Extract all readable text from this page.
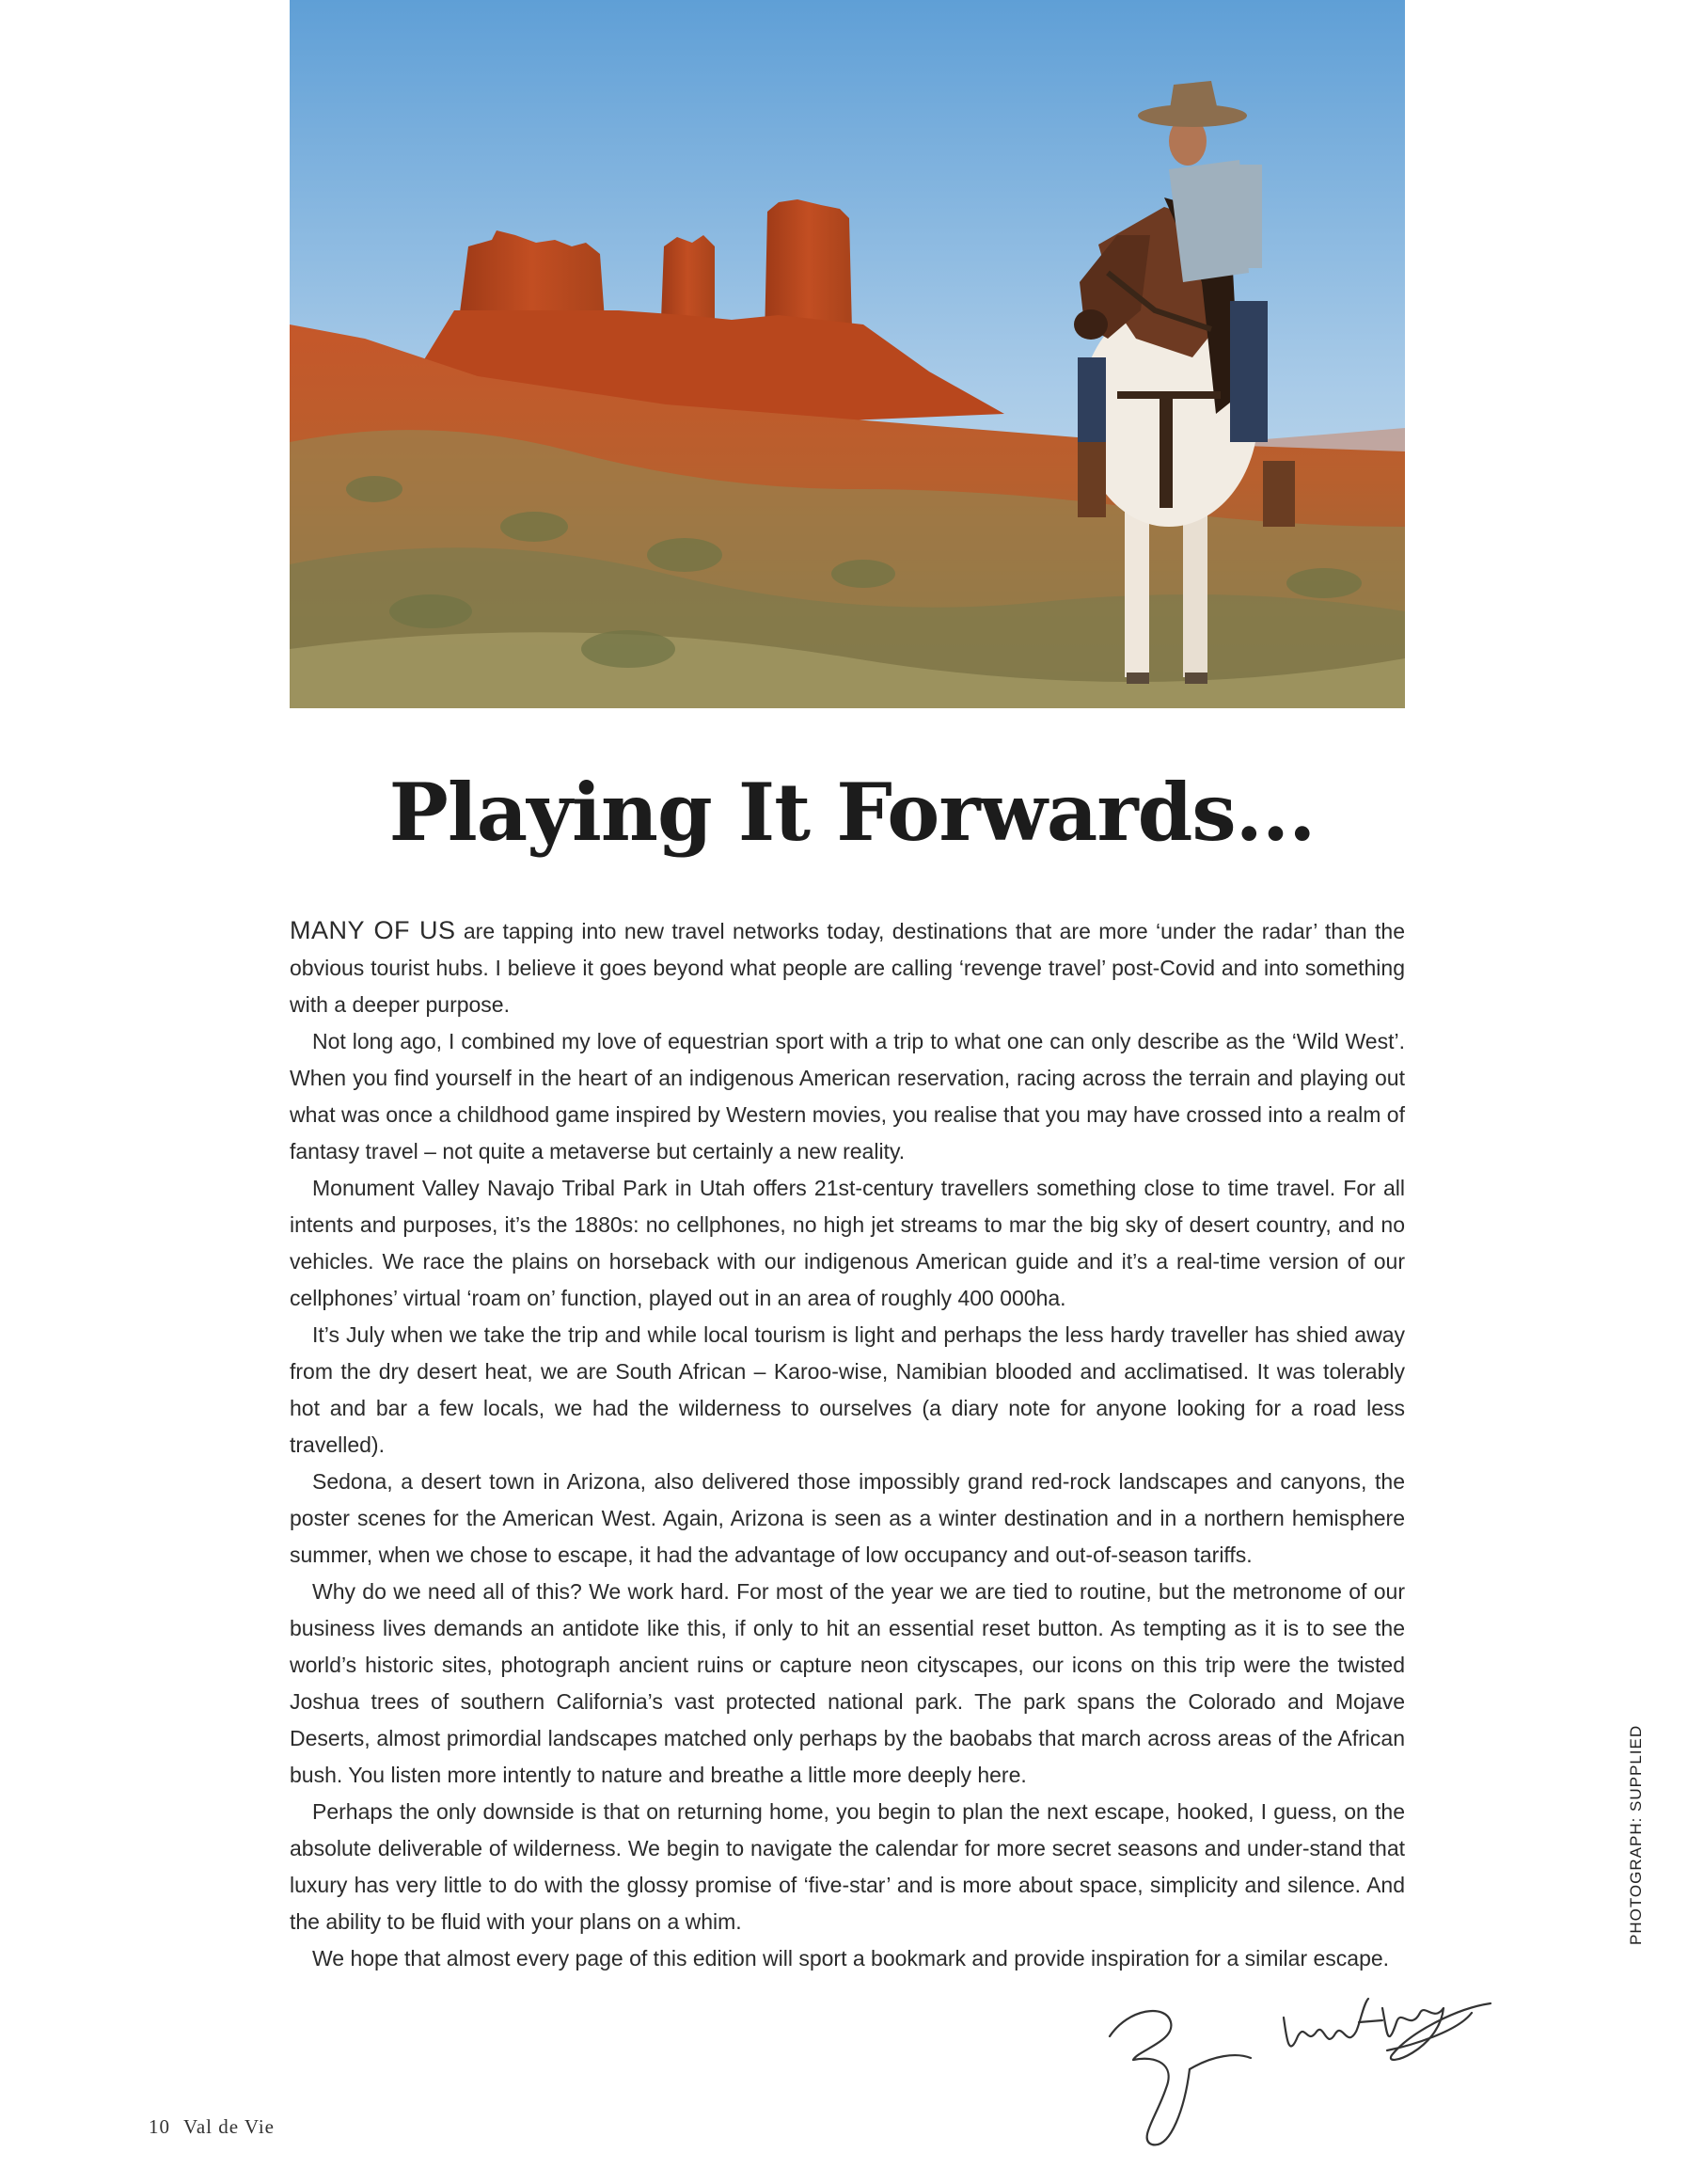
Playing It Forwards...

MANY OF US are tapping into new travel networks today, destinations that are more ‘under the radar’ than the obvious tourist hubs. I believe it goes beyond what people are calling ‘revenge travel’ post-Covid and into something with a deeper purpose.

Not long ago, I combined my love of equestrian sport with a trip to what one can only describe as the ‘Wild West’. When you find yourself in the heart of an indigenous American reservation, racing across the terrain and playing out what was once a childhood game inspired by Western movies, you realise that you may have crossed into a realm of fantasy travel – not quite a metaverse but certainly a new reality.

Monument Valley Navajo Tribal Park in Utah offers 21st-century travellers something close to time travel. For all intents and purposes, it’s the 1880s: no cellphones, no high jet streams to mar the big sky of desert country, and no vehicles. We race the plains on horseback with our indigenous American guide and it’s a real-time version of our cellphones’ virtual ‘roam on’ function, played out in an area of roughly 400 000ha.

It’s July when we take the trip and while local tourism is light and perhaps the less hardy traveller has shied away from the dry desert heat, we are South African – Karoo-wise, Namibian blooded and acclimatised. It was tolerably hot and bar a few locals, we had the wilderness to ourselves (a diary note for anyone looking for a road less travelled).

Sedona, a desert town in Arizona, also delivered those impossibly grand red-rock landscapes and canyons, the poster scenes for the American West. Again, Arizona is seen as a winter destination and in a northern hemisphere summer, when we chose to escape, it had the advantage of low occupancy and out-of-season tariffs.

Why do we need all of this? We work hard. For most of the year we are tied to routine, but the metronome of our business lives demands an antidote like this, if only to hit an essential reset button. As tempting as it is to see the world’s historic sites, photograph ancient ruins or capture neon cityscapes, our icons on this trip were the twisted Joshua trees of southern California’s vast protected national park. The park spans the Colorado and Mojave Deserts, almost primordial landscapes matched only perhaps by the baobabs that march across areas of the African bush. You listen more intently to nature and breathe a little more deeply here.

Perhaps the only downside is that on returning home, you begin to plan the next escape, hooked, I guess, on the absolute deliverable of wilderness. We begin to navigate the calendar for more secret seasons and under-stand that luxury has very little to do with the glossy promise of ‘five-star’ and is more about space, simplicity and silence. And the ability to be fluid with your plans on a whim.

We hope that almost every page of this edition will sport a bookmark and provide inspiration for a similar escape.

PHOTOGRAPH: SUPPLIED
10 Val de Vie
